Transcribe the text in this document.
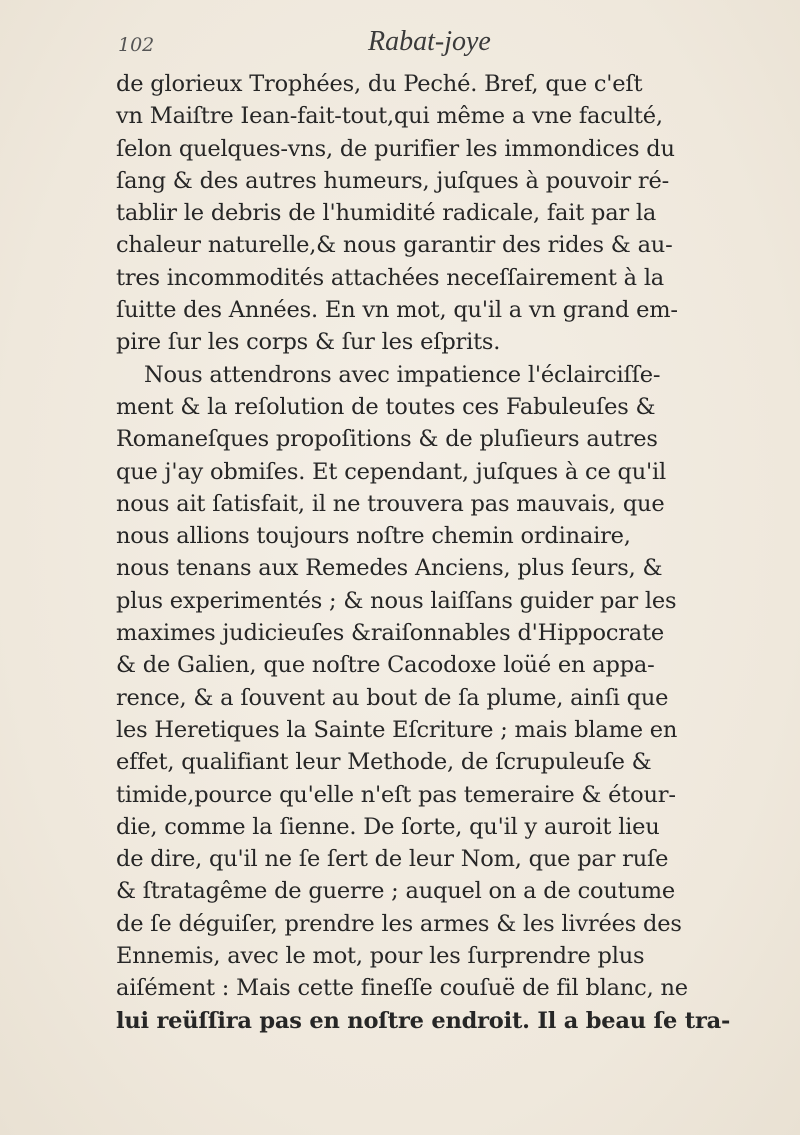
102	Rabat-joye
de glorieux Trophées, du Peché. Bref, que c'eſt
vn Maiſtre Iean-fait-tout,qui même a vne faculté,
ſelon quelques-vns, de purifier les immondices du
ſang & des autres humeurs, juſques à pouvoir ré-
tablir le debris de l'humidité radicale, fait par la
chaleur naturelle,& nous garantir des rides & au-
tres incommodités attachées neceſſairement à la
ſuitte des Années. En vn mot, qu'il a vn grand em-
pire ſur les corps & ſur les eſprits.
Nous attendrons avec impatience l'éclairciſſe-
ment & la reſolution de toutes ces Fabuleuſes &
Romaneſques propoſitions & de pluſieurs autres
que j'ay obmiſes. Et cependant, juſques à ce qu'il
nous ait ſatisfait, il ne trouvera pas mauvais, que
nous allions toujours noſtre chemin ordinaire,
nous tenans aux Remedes Anciens, plus ſeurs, &
plus experimentés ; & nous laiſſans guider par les
maximes judicieuſes &raiſonnables d'Hippocrate
& de Galien, que noſtre Cacodoxe loüé en appa-
rence, & a ſouvent au bout de ſa plume, ainſi que
les Heretiques la Sainte Eſcriture ; mais blame en
effet, qualifiant leur Methode, de ſcrupuleuſe &
timide,pource qu'elle n'eſt pas temeraire & étour-
die, comme la ſienne. De ſorte, qu'il y auroit lieu
de dire, qu'il ne ſe ſert de leur Nom, que par ruſe
& ſtratagême de guerre ; auquel on a de coutume
de ſe déguiſer, prendre les armes & les livrées des
Ennemis, avec le mot, pour les ſurprendre plus
aiſément : Mais cette fineſſe couſuë de fil blanc, ne
lui reüſſira pas en noſtre endroit. Il a beau ſe tra-
